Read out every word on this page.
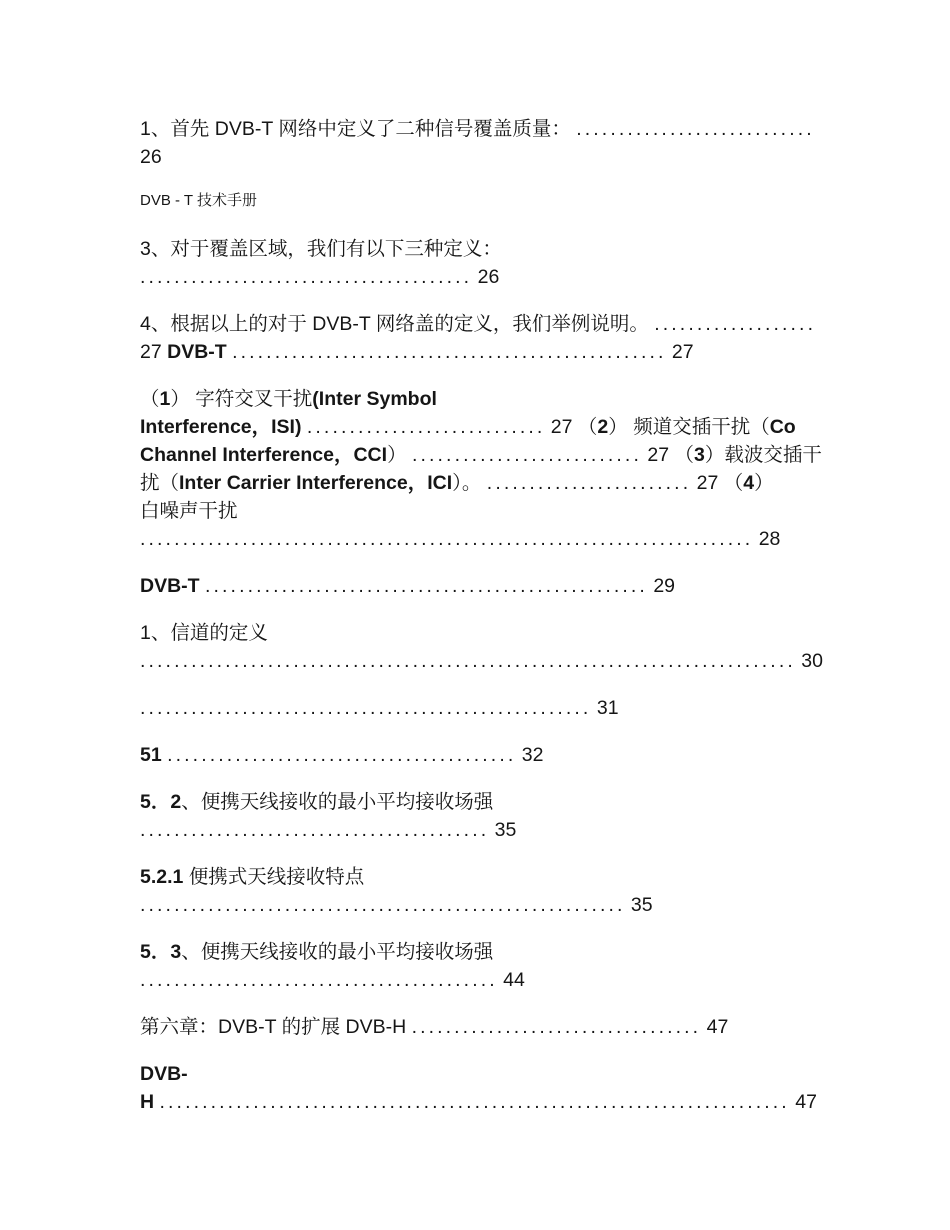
1、首先 DVB-T 网络中定义了二种信号覆盖质量： ............................
26
DVB - T 技术手册
3、对于覆盖区域，我们有以下三种定义：
....................................... 26
4、根据以上的对于 DVB-T 网络盖的定义，我们举例说明。 ...................
27 DVB-T ................................................... 27
（1） 字符交叉干扰(Inter Symbol
Interference，ISI) ............................ 27 （2） 频道交插干扰（Co
Channel Interference，CCI） ........................... 27 （3）载波交插干
扰（Inter Carrier Interference，ICI）。 ........................ 27 （4）
白噪声干扰
........................................................................ 28
DVB-T .................................................... 29
1、信道的定义
............................................................................. 30
..................................................... 31
51 ......................................... 32
5．2、便携天线接收的最小平均接收场强
......................................... 35
5.2.1 便携式天线接收特点
......................................................... 35
5．3、便携天线接收的最小平均接收场强
.......................................... 44
第六章：DVB-T 的扩展 DVB-H .................................. 47
DVB-
H .......................................................................... 47
